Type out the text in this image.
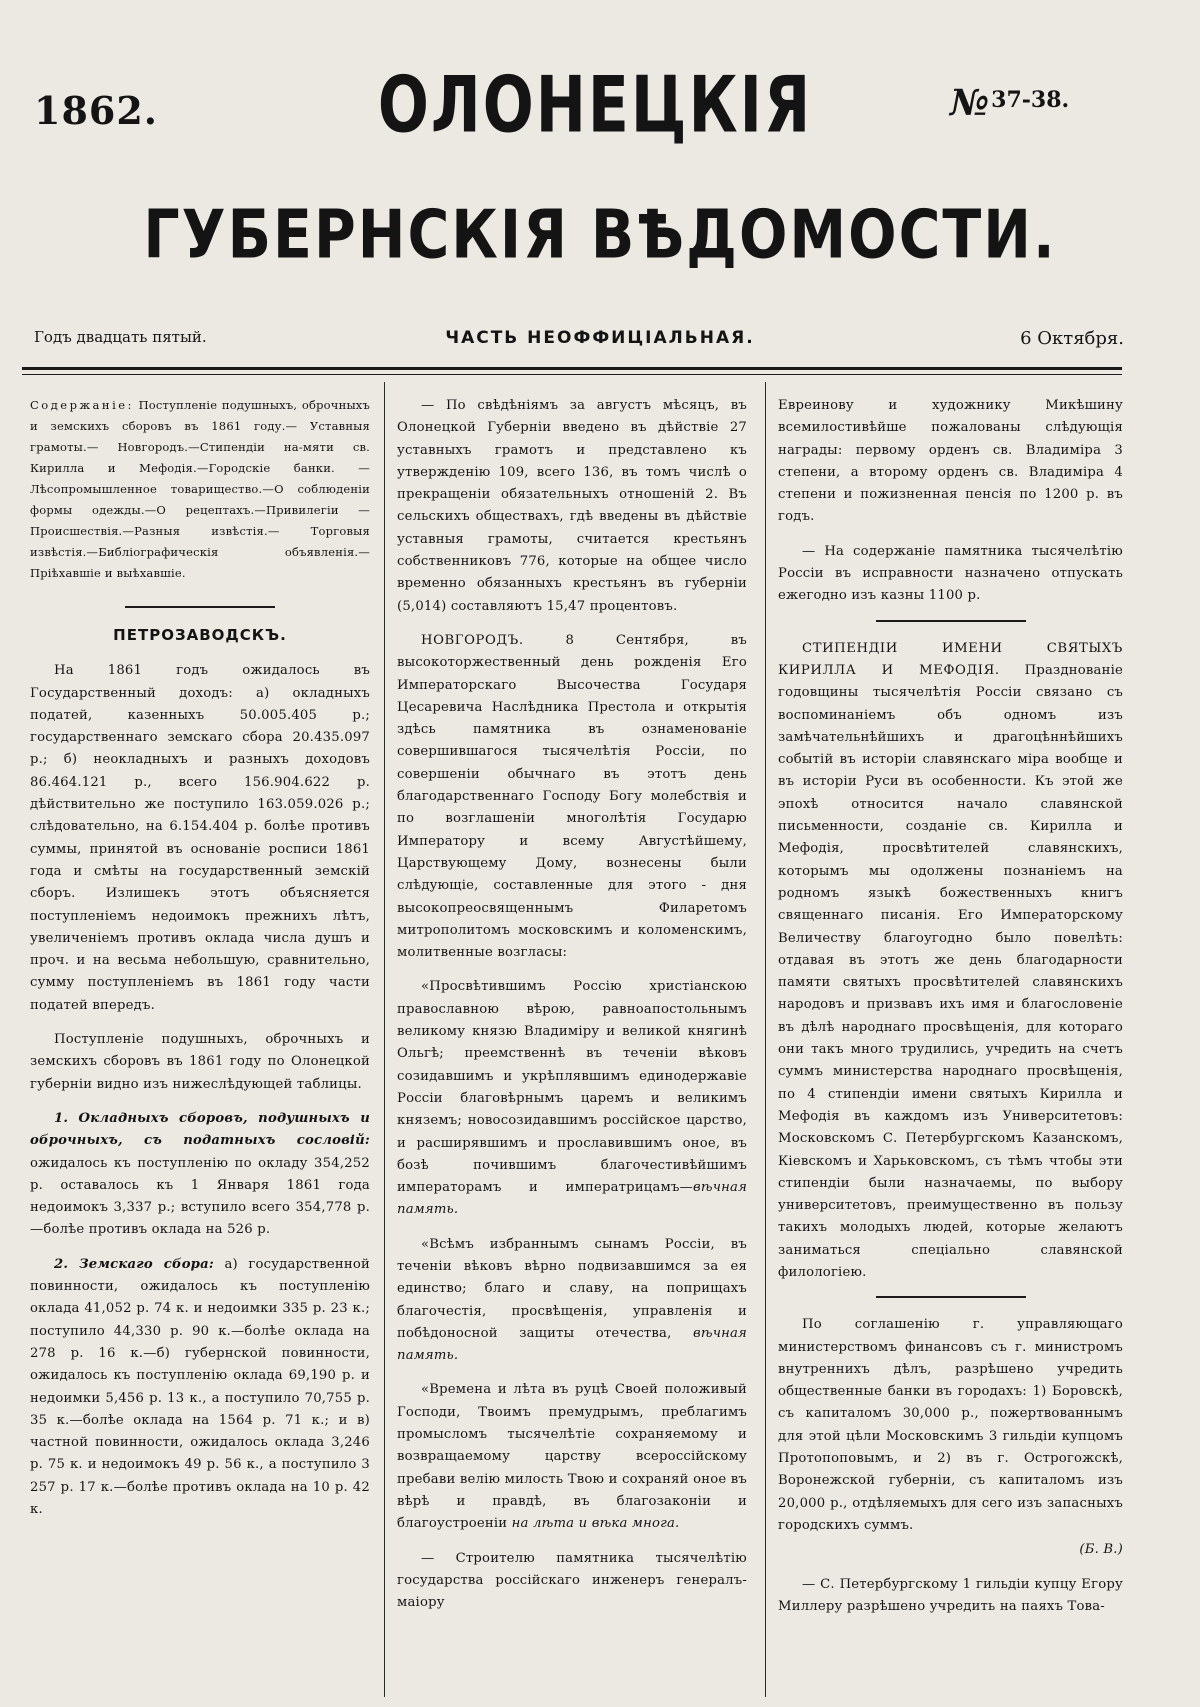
1862.	ОЛОНЕЦКІЯ	№$^{37-38.}$
ГУБЕРНСКІЯ ВѢДОМОСТИ.
Годъ двадцать пятый.	ЧАСТЬ НЕОФФИЦІАЛЬНАЯ.	6 Октября.

Содержаніе: Поступленіе подушныхъ, оброчныхъ и земскихъ сборовъ въ 1861 году.— Уставныя грамоты.— Новгородъ.—Стипендіи на-мяти св. Кирилла и Мефодія.—Городскіе банки. —Лѣсопромышленное товарищество.—О соблюденіи формы одежды.—О рецептахъ.—Привилегіи —Происшествія.—Разныя извѣстія.— Торговыя извѣстія.—Библіографическія объявленія.— Пріѣхавшіе и выѣхавшіе.

ПЕТРОЗАВОДСКЪ.

На 1861 годъ ожидалось въ Государственный доходъ: а) окладныхъ податей, казенныхъ 50.005.405 р.; государственнаго земскаго сбора 20.435.097 р.; б) неокладныхъ и разныхъ доходовъ 86.464.121 р., всего 156.904.622 р. дѣйствительно же поступило 163.059.026 р.; слѣдовательно, на 6.154.404 р. болѣе противъ суммы, принятой въ основаніе росписи 1861 года и смѣты на государственный земскій сборъ. Излишекъ этотъ объясняется поступленіемъ недоимокъ прежнихъ лѣтъ, увеличеніемъ противъ оклада числа душъ и проч. и на весьма небольшую, сравнительно, сумму поступленіемъ въ 1861 году части податей впередъ.

Поступленіе подушныхъ, оброчныхъ и земскихъ сборовъ въ 1861 году по Олонецкой губерніи видно изъ нижеслѣдующей таблицы.

1. Окладныхъ сборовъ, подушныхъ и оброчныхъ, съ податныхъ сословій: ожидалось къ поступленію по окладу 354,252 р. оставалось къ 1 Января 1861 года недоимокъ 3,337 р.; вступило всего 354,778 р.—болѣе противъ оклада на 526 р.

2. Земскаго сбора: а) государственной повинности, ожидалось къ поступленію оклада 41,052 р. 74 к. и недоимки 335 р. 23 к.; поступило 44,330 р. 90 к.—болѣе оклада на 278 р. 16 к.—б) губернской повинности, ожидалось къ поступленію оклада 69,190 р. и недоимки 5,456 р. 13 к., а поступило 70,755 р. 35 к.—болѣе оклада на 1564 р. 71 к.; и в) частной повинности, ожидалось оклада 3,246 р. 75 к. и недоимокъ 49 р. 56 к., а поступило 3 257 р. 17 к.—болѣе противъ оклада на 10 р. 42 к.

— По свѣдѣніямъ за августъ мѣсяцъ, въ Олонецкой Губерніи введено въ дѣйствіе 27 уставныхъ грамотъ и представлено къ утвержденію 109, всего 136, въ томъ числѣ о прекращеніи обязательныхъ отношеній 2. Въ сельскихъ обществахъ, гдѣ введены въ дѣйствіе уставныя грамоты, считается крестьянъ собственниковъ 776, которые на общее число временно обязанныхъ крестьянъ въ губерніи (5,014) составляютъ 15,47 процентовъ.

НОВГОРОДЪ.	8 Сентября, въ высокоторжественный день рожденія Его Императорскаго Высочества Государя Цесаревича Наслѣдника Престола и открытія здѣсь памятника въ ознаменованіе совершившагося тысячелѣтія Россіи, по совершеніи обычнаго въ этотъ день благодарственнаго Господу Богу молебствія и по возглашеніи многолѣтія Государю Императору и всему Августѣйшему, Царствующему Дому, вознесены были слѣдующіе, составленные для этого - дня высокопреосвященнымъ Филаретомъ митрополитомъ московскимъ и коломенскимъ, молитвенные возгласы:

«Просвѣтившимъ Россію христіанскою православною вѣрою, равноапостольнымъ великому князю Владиміру и великой княгинѣ Ольгѣ; преемственнѣ въ теченіи вѣковъ созидавшимъ и укрѣплявшимъ единодержавіе Россіи благовѣрнымъ царемъ и великимъ княземъ; новосозидавшимъ россійское царство, и расширявшимъ и прославившимъ оное, въ бозѣ почившимъ благочестивѣйшимъ императорамъ и императрицамъ—вѣчная память.

«Всѣмъ избраннымъ сынамъ Россіи, въ теченіи вѣковъ вѣрно подвизавшимся за ея единство; благо и славу, на поприщахъ благочестія, просвѣщенія, управленія и побѣдоносной защиты отечества, вѣчная память.

«Времена и лѣта въ руцѣ Своей положивый Господи, Твоимъ премудрымъ, преблагимъ промысломъ тысячелѣтіе сохраняемому и возвращаемому царству всероссійскому пребави велію милость Твою и сохраняй оное въ вѣрѣ и правдѣ, въ благозаконіи и благоустроеніи на лѣта и вѣка многа.

— Строителю памятника тысячелѣтію государства россійскаго инженеръ генералъ-маіору

Евреинову и художнику Микѣшину всемилостивѣйше пожалованы слѣдующія награды: первому орденъ св. Владиміра 3 степени, а второму орденъ св. Владиміра 4 степени и пожизненная пенсія по 1200 р. въ годъ.

— На содержаніе памятника тысячелѣтію Россіи въ исправности назначено отпускать ежегодно изъ казны 1100 р.

СТИПЕНДІИ ИМЕНИ СВЯТЫХЪ КИРИЛЛА И МЕФОДІЯ. Празднованіе годовщины тысячелѣтія Россіи связано съ воспоминаніемъ объ одномъ изъ замѣчательнѣйшихъ и драгоцѣннѣйшихъ событій въ исторіи славянскаго міра вообще и въ исторіи Руси въ особенности. Къ этой же эпохѣ относится начало славянской письменности, созданіе св. Кирилла и Мефодія, просвѣтителей славянскихъ, которымъ мы одолжены познаніемъ на родномъ языкѣ божественныхъ книгъ священнаго писанія. Его Императорскому Величеству благоугодно было повелѣть: отдавая въ этотъ же день благодарности памяти святыхъ просвѣтителей славянскихъ народовъ и призвавъ ихъ имя и благословеніе въ дѣлѣ народнаго просвѣщенія, для котораго они такъ много трудились, учредить на счетъ суммъ министерства народнаго просвѣщенія, по 4 стипендіи имени святыхъ Кирилла и Мефодія въ каждомъ изъ Университетовъ: Московскомъ С. Петербургскомъ Казанскомъ, Кіевскомъ и Харьковскомъ, съ тѣмъ чтобы эти стипендіи были назначаемы, по выбору университетовъ, преимущественно въ пользу такихъ молодыхъ людей, которые желаютъ заниматься спеціально славянской филологіею.

По соглашенію г. управляющаго министерствомъ финансовъ съ г. министромъ внутреннихъ дѣлъ, разрѣшено учредить общественные банки въ городахъ: 1) Боровскѣ, съ капиталомъ 30,000 р., пожертвованнымъ для этой цѣли Московскимъ 3 гильдіи купцомъ Протопоповымъ, и 2) въ г. Острогожскѣ, Воронежской губерніи, съ капиталомъ изъ 20,000 р., отдѣляемыхъ для сего изъ запасныхъ городскихъ суммъ.

(Б. В.)

— С. Петербургскому 1 гильдіи купцу Егору Миллеру разрѣшено учредить на паяхъ Това-
